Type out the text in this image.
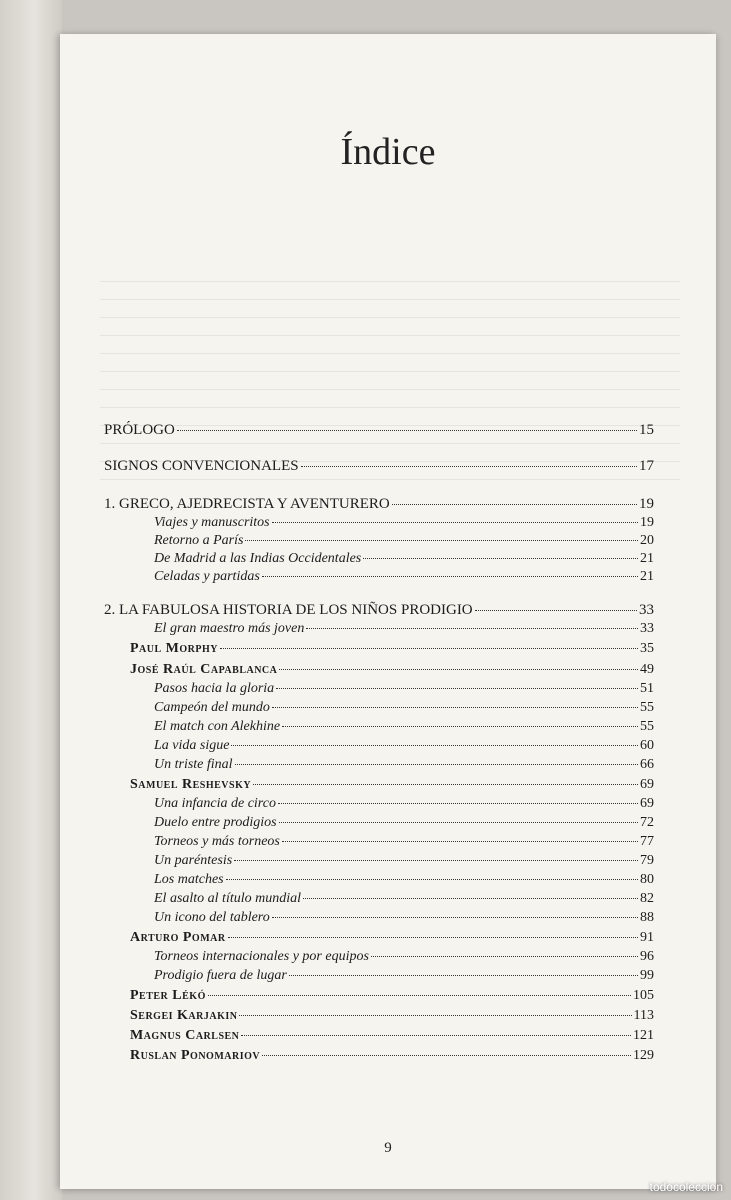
Índice
PRÓLOGO	15
SIGNOS CONVENCIONALES	17
1. GRECO, AJEDRECISTA Y AVENTURERO	19
Viajes y manuscritos	19
Retorno a París	20
De Madrid a las Indias Occidentales	21
Celadas y partidas	21
2. LA FABULOSA HISTORIA DE LOS NIÑOS PRODIGIO	33
El gran maestro más joven	33
Paul Morphy	35
José Raúl Capablanca	49
Pasos hacia la gloria	51
Campeón del mundo	55
El match con Alekhine	55
La vida sigue	60
Un triste final	66
Samuel Reshevsky	69
Una infancia de circo	69
Duelo entre prodigios	72
Torneos y más torneos	77
Un paréntesis	79
Los matches	80
El asalto al título mundial	82
Un icono del tablero	88
Arturo Pomar	91
Torneos internacionales y por equipos	96
Prodigio fuera de lugar	99
Peter Lékó	105
Sergei Karjakin	113
Magnus Carlsen	121
Ruslan Ponomariov	129
9
todocoleccion
